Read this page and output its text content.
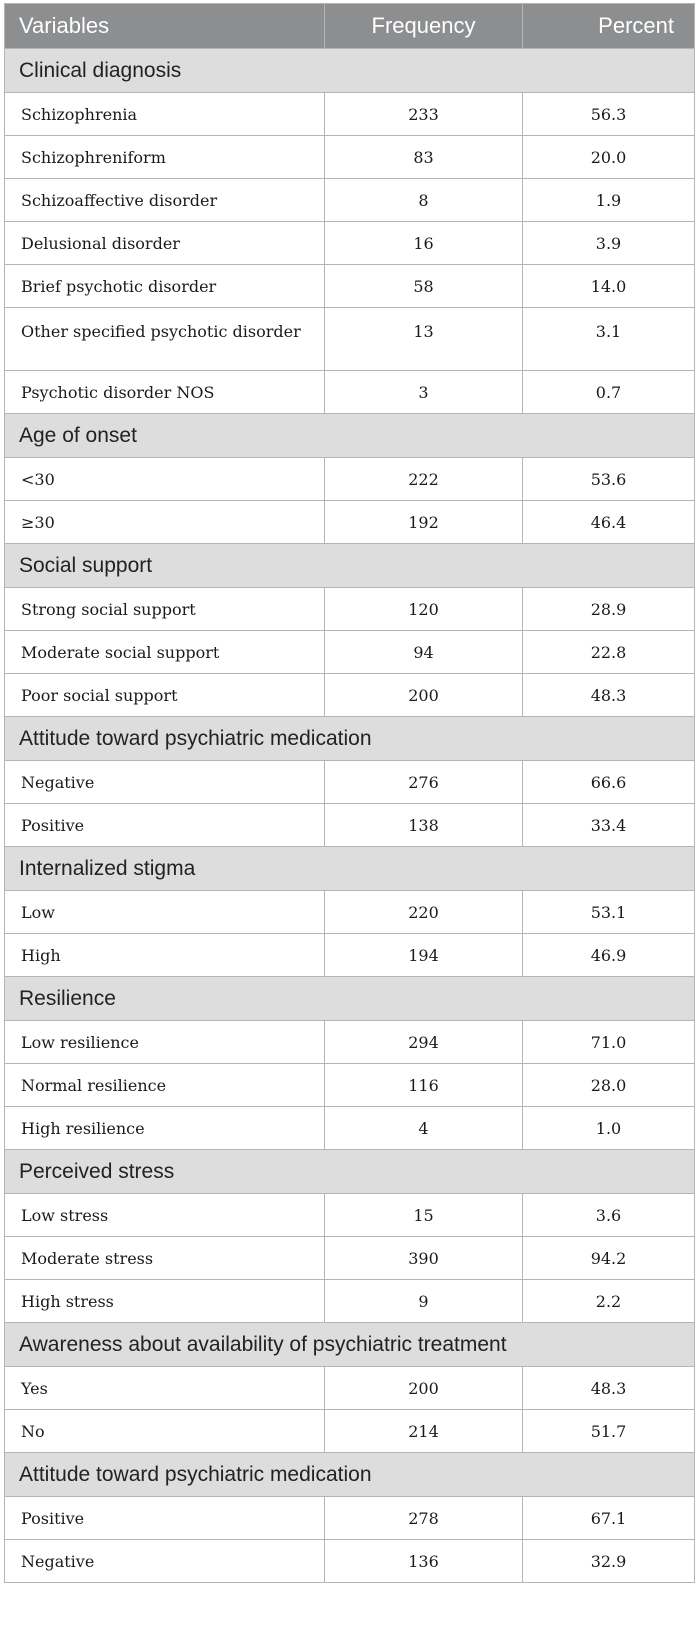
Variables	Frequency	Percent
Clinical diagnosis		
Schizophrenia	233	56.3
Schizophreniform	83	20.0
Schizoaffective disorder	8	1.9
Delusional disorder	16	3.9
Brief psychotic disorder	58	14.0
Other specified psychotic disorder	13	3.1
Psychotic disorder NOS	3	0.7
Age of onset		
<30	222	53.6
≥30	192	46.4
Social support		
Strong social support	120	28.9
Moderate social support	94	22.8
Poor social support	200	48.3
Attitude toward psychiatric medication		
Negative	276	66.6
Positive	138	33.4
Internalized stigma		
Low	220	53.1
High	194	46.9
Resilience		
Low resilience	294	71.0
Normal resilience	116	28.0
High resilience	4	1.0
Perceived stress		
Low stress	15	3.6
Moderate stress	390	94.2
High stress	9	2.2
Awareness about availability of psychiatric treatment		
Yes	200	48.3
No	214	51.7
Attitude toward psychiatric medication		
Positive	278	67.1
Negative	136	32.9
